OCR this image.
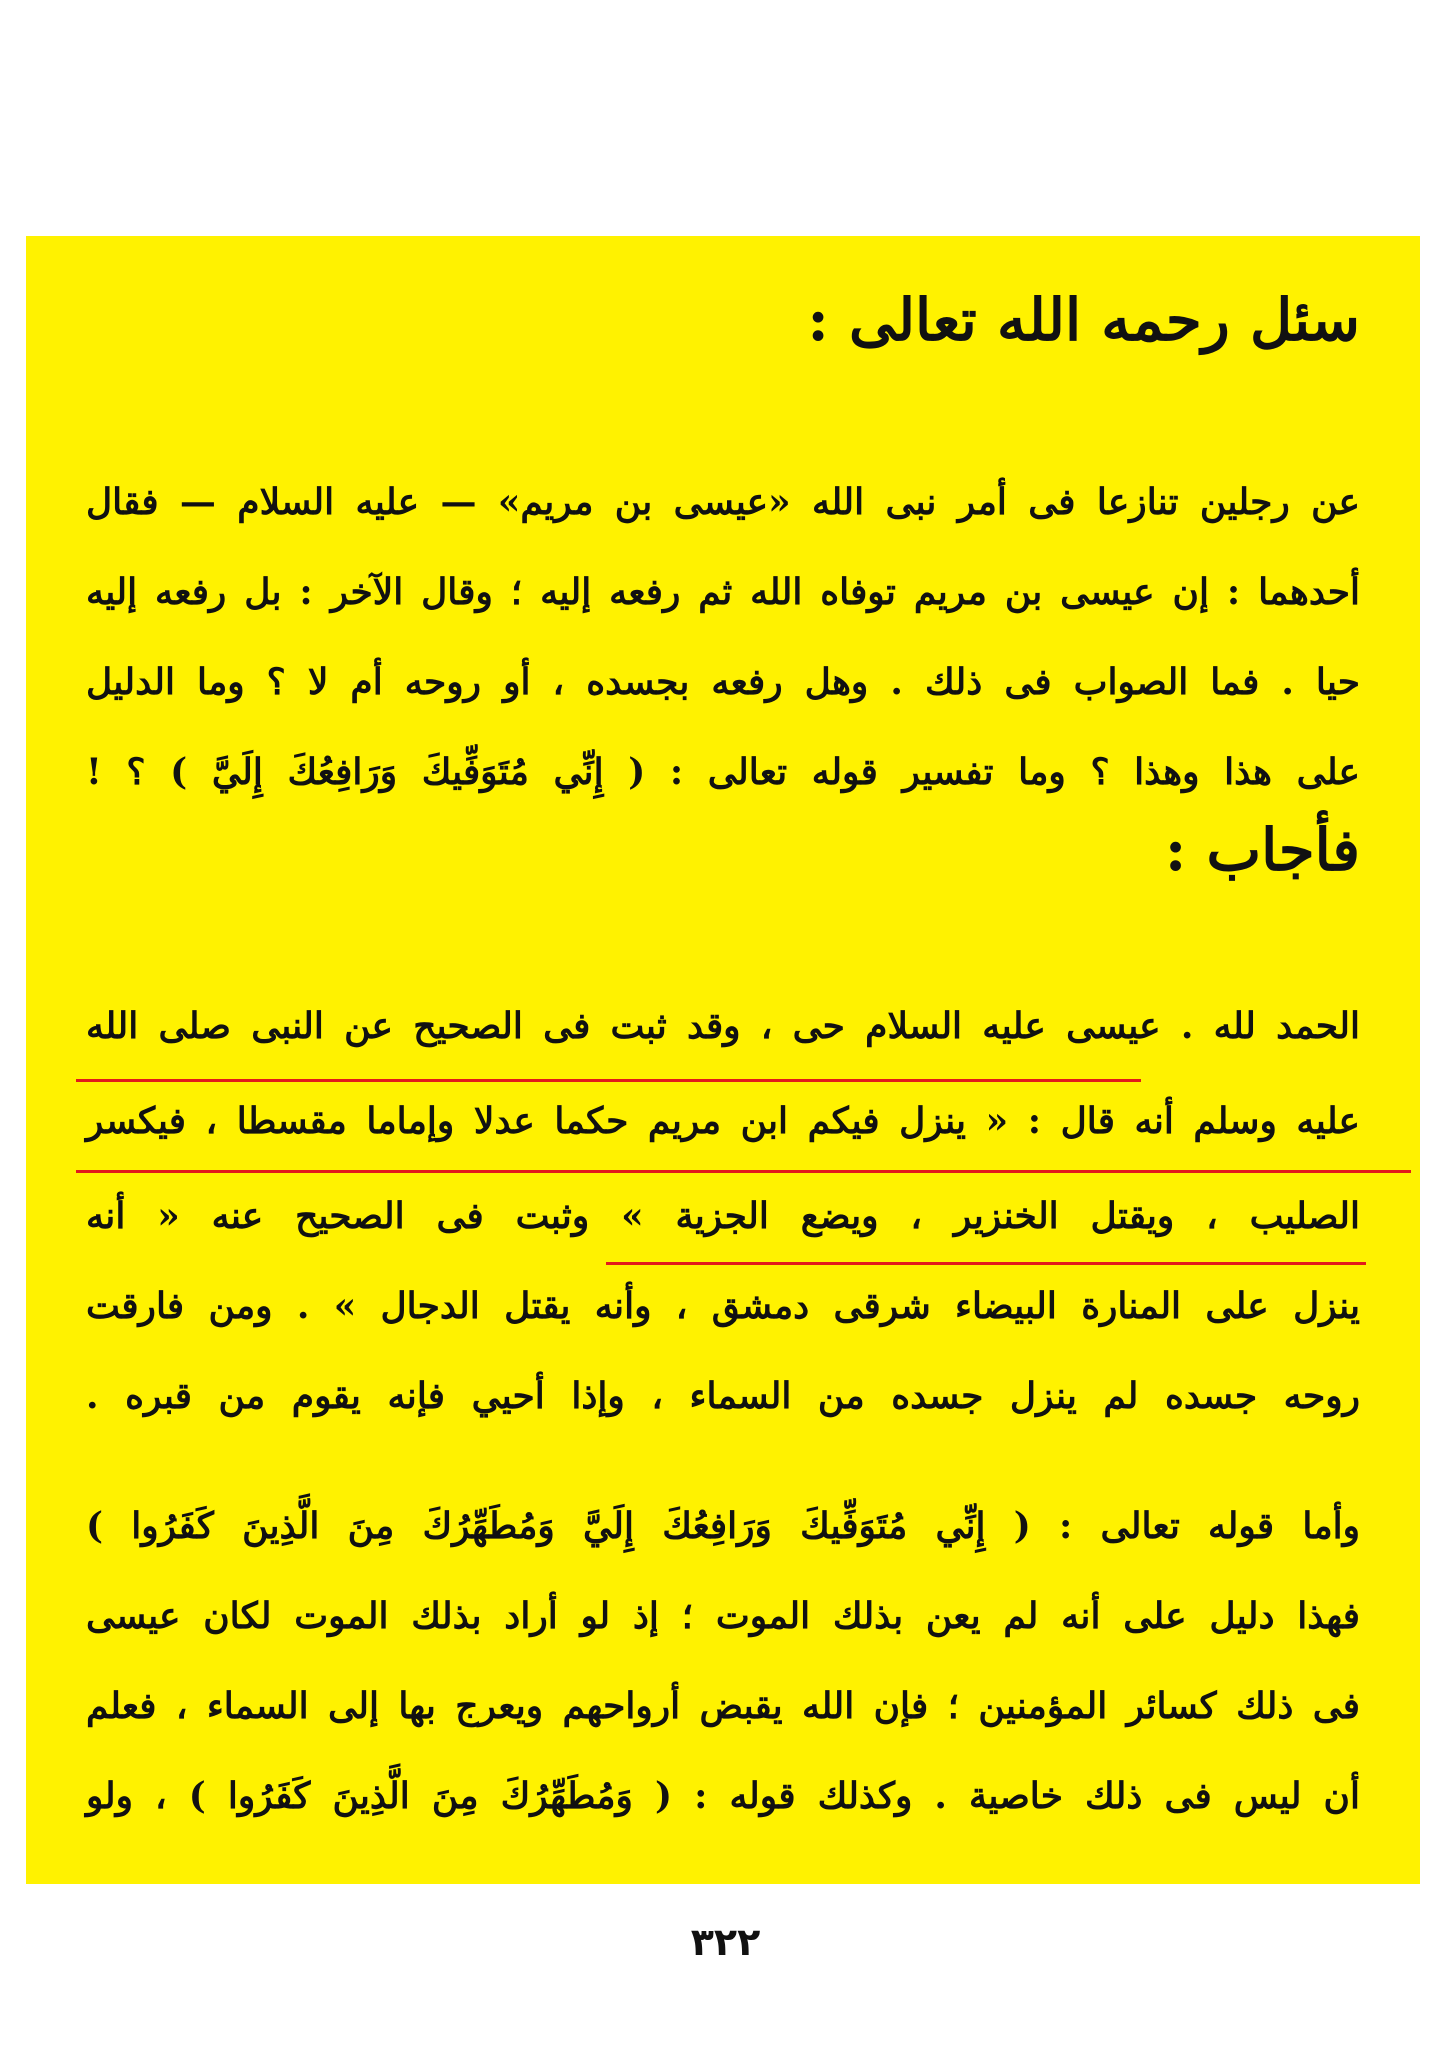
سئل رحمه الله تعالى :
عن رجلين تنازعا فى أمر نبى الله «عيسى بن مريم» — عليه السلام — فقال
أحدهما : إن عيسى بن مريم توفاه الله ثم رفعه إليه ؛ وقال الآخر : بل رفعه إليه
حيا . فما الصواب فى ذلك . وهل رفعه بجسده ، أو روحه أم لا ؟ وما الدليل
على هذا وهذا ؟ وما تفسير قوله تعالى : ( إِنِّي مُتَوَفِّيكَ وَرَافِعُكَ إِلَيَّ ) ؟ !
فأجاب :
الحمد لله . عيسى عليه السلام حى ، وقد ثبت فى الصحيح عن النبى صلى الله
عليه وسلم أنه قال : « ينزل فيكم ابن مريم حكما عدلا وإماما مقسطا ، فيكسر
الصليب ، ويقتل الخنزير ، ويضع الجزية » وثبت فى الصحيح عنه « أنه
ينزل على المنارة البيضاء شرقى دمشق ، وأنه يقتل الدجال » . ومن فارقت
روحه جسده لم ينزل جسده من السماء ، وإذا أحيي فإنه يقوم من قبره .
وأما قوله تعالى : ( إِنِّي مُتَوَفِّيكَ وَرَافِعُكَ إِلَيَّ وَمُطَهِّرُكَ مِنَ الَّذِينَ كَفَرُوا )
فهذا دليل على أنه لم يعن بذلك الموت ؛ إذ لو أراد بذلك الموت لكان عيسى
فى ذلك كسائر المؤمنين ؛ فإن الله يقبض أرواحهم ويعرج بها إلى السماء ، فعلم
أن ليس فى ذلك خاصية . وكذلك قوله : ( وَمُطَهِّرُكَ مِنَ الَّذِينَ كَفَرُوا ) ، ولو
٣٢٢
